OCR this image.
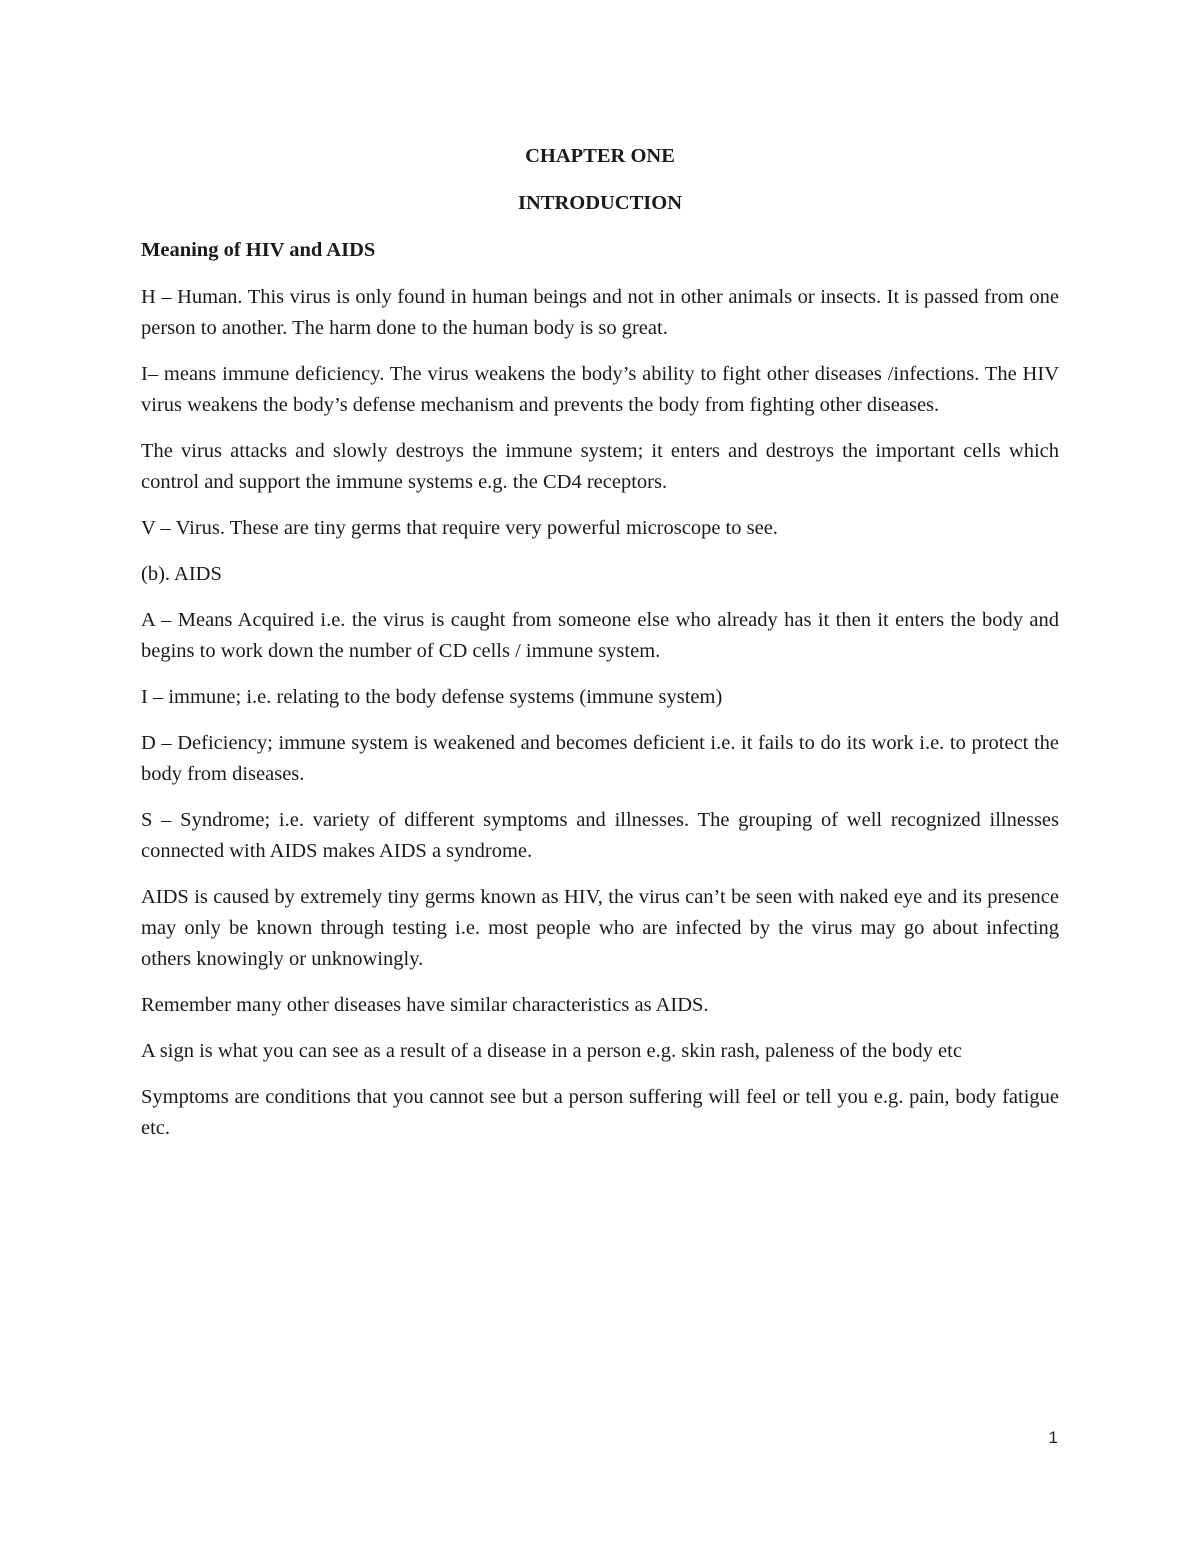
CHAPTER ONE
INTRODUCTION
Meaning of HIV and AIDS

H – Human. This virus is only found in human beings and not in other animals or insects. It is passed from one person to another. The harm done to the human body is so great.

I– means immune deficiency. The virus weakens the body’s ability to fight other diseases /infections. The HIV virus weakens the body’s defense mechanism and prevents the body from fighting other diseases.

The virus attacks and slowly destroys the immune system; it enters and destroys the important cells which control and support the immune systems e.g. the CD4 receptors.

V – Virus. These are tiny germs that require very powerful microscope to see.

(b). AIDS

A – Means Acquired i.e. the virus is caught from someone else who already has it then it enters the body and begins to work down the number of CD cells / immune system.

I – immune; i.e. relating to the body defense systems (immune system)

D – Deficiency; immune system is weakened and becomes deficient i.e. it fails to do its work i.e. to protect the body from diseases.

S – Syndrome; i.e. variety of different symptoms and illnesses. The grouping of well recognized illnesses connected with AIDS makes AIDS a syndrome.

AIDS is caused by extremely tiny germs known as HIV, the virus can’t be seen with naked eye and its presence may only be known through testing i.e. most people who are infected by the virus may go about infecting others knowingly or unknowingly.

Remember many other diseases have similar characteristics as AIDS.

A sign is what you can see as a result of a disease in a person e.g. skin rash, paleness of the body etc

Symptoms are conditions that you cannot see but a person suffering will feel or tell you e.g. pain, body fatigue etc.

1
